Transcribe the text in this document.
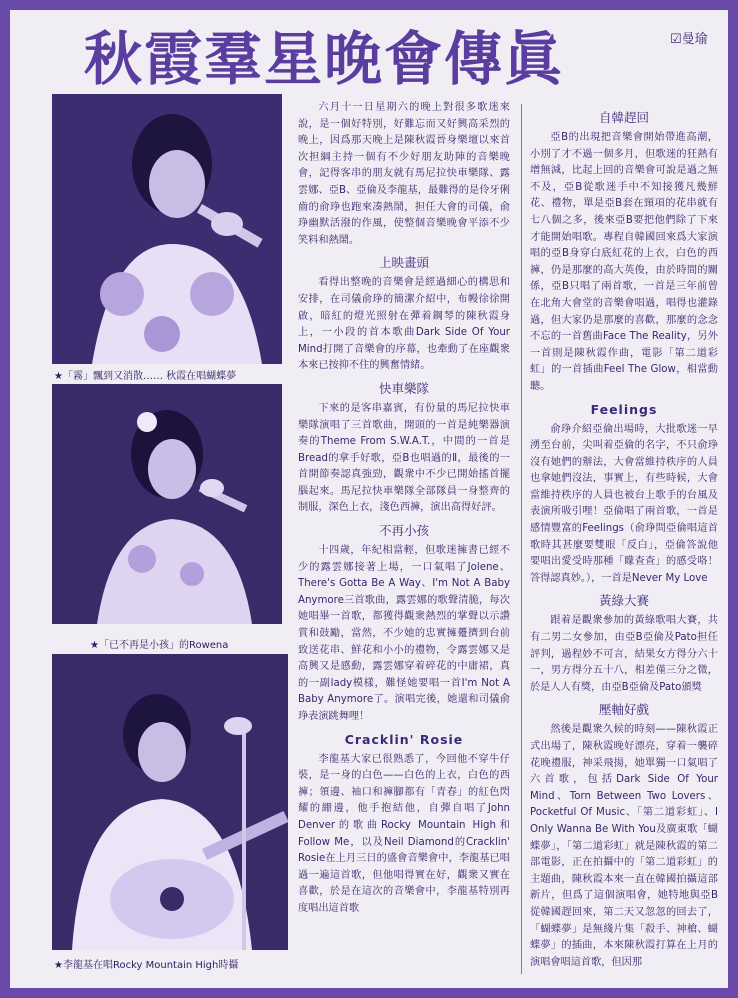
秋霞羣星晚會傳眞	☑曼瑜
★「霧」飄到又消散…… 秋霞在唱蝴蝶夢
★「已不再是小孩」的Rowena
★李龍基在唱Rocky Mountain High時攝

六月十一日星期六的晚上對很多歌迷來說，是一個好特別，好難忘而又好興高采烈的晚上，因爲那天晚上是陳秋霞晉身樂壇以來首次担綱主持一個有不少好朋友助陣的音樂晚會，記得客串的朋友就有馬尼拉快車樂隊、露雲娜、亞B、亞倫及李龍基，最難得的是伶牙俐齒的俞琤也跑來凑熱鬧，担任大會的司儀，俞琤幽默活潑的作風，使整個音樂晚會平添不少笑料和熱鬧。

上映畫頭

看得出整晚的音樂會是經過細心的構思和安排，在司儀俞琤的簡潔介紹中，布幔徐徐開啟，暗紅的燈光照射在彈着鋼琴的陳秋霞身上，一小段的首本歌曲Dark Side Of Your Mind打開了音樂會的序幕，也牽動了在座觀衆本來已按抑不住的興奮情緒。

快車樂隊

下來的是客串嘉賓，有份量的馬尼拉快車樂隊演唱了三首歌曲，開頭的一首是純樂器演奏的Theme From S.W.A.T.，中間的一首是Bread的拿手好歌，亞B也唱過的Ⅱ，最後的一首開節奏認真強勁，觀衆中不少已開始搖首擺腦起來。馬尼拉快車樂隊全部隊員一身整齊的制服，深色上衣，淺色西褲，演出高得好評。

不再小孩

十四歲，年紀相當輕，但歌迷擁書已經不少的露雲娜接著上場，一口氣唱了Jolene、There's Gotta Be A Way、I'm Not A Baby Anymore三首歌曲，露雲娜的歌聲清脆，每次她唱畢一首歌，都獲得觀衆熱烈的掌聲以示讚賞和鼓勵，當然，不少她的忠實擁躉擠到台前致送花串、鮮花和小小的禮物，令露雲娜又是高興又是感動，露雲娜穿着碎花的中庸裙，真的一副lady模樣，難怪她要唱一首I'm Not A Baby Anymore了。演唱完後，她還和司儀俞琤表演跳舞哩！

Cracklin' Rosie

李龍基大家已很熟悉了，今回他不穿牛仔裝，是一身的白色——白色的上衣，白色的西褲；領邊、袖口和褲腳都有「青春」的紅色閃耀的綳邊，他手抱結他，自彈自唱了John Denver的歌曲Rocky Mountain High和Follow Me，以及Neil Diamond的Cracklin' Rosie在上月三日的盛會音樂會中，李龍基已唱過一遍這首歌，但他唱得實在好，觀衆又實在喜歡，於是在這次的音樂會中，李龍基特別再度唱出這首歌

自韓趕回

亞B的出現把音樂會開始帶進高潮，小別了才不過一個多月，但歌迷的狂熱有增無減，比起上回的音樂會可說是過之無不及，亞B從歌迷手中不知接獲凡幾鮮花、禮物，單是亞B套在頸項的花串就有七八個之多，後來亞B要把他們除了下來才能開始唱歌。專程自韓國回來爲大家演唱的亞B身穿白底紅花的上衣，白色的西褲，仍是那麼的高大英俊，由於時間的關係，亞B只唱了兩首歌，一首是三年前曾在北角大會堂的音樂會唱過，唱得也灌錄過，但大家仍是那麼的喜歡，那麼的念念不忘的一首舊曲Face The Reality，另外一首則是陳秋霞作曲，電影「第二道彩虹」的一首插曲Feel The Glow，相當動聽。

Feelings

俞琤介紹亞倫出場時，大批歌迷一早湧至台前，尖叫着亞倫的名字，不只俞琤沒有她們的辦法，大會當維持秩序的人員也拿她們沒法，事實上，有些時候，大會當維持秩序的人員也被台上歌手的台風及表演所吸引哩！亞倫唱了兩首歌，一首是感情豐富的Feelings（俞琤問亞倫唱這首歌時其甚麼要雙眼「反白」，亞倫答說他要唱出愛受時那種「矇查查」的感受咯！答得認真妙。），一首是Never My Love

黃綠大賽

跟着是觀衆參加的黃綠歌唱大賽，共有二男二女參加，由亞B亞倫及Pato担任評判，過程妙不可言，結果女方得分六十一，男方得分五十八，相差僅三分之微，於是人人有獎，由亞B亞倫及Pato頒獎

壓軸好戲

然後是觀衆久候的時刻——陳秋霞正式出場了，陳秋霞晚好漂亮，穿着一襲碎花晚禮服，神采飛揚，她單獨一口氣唱了六首歌，包括Dark Side Of Your Mind、Torn Between Two Lovers、Pocketful Of Music、「第二道彩虹」、I Only Wanna Be With You及廣東歌「蝴蝶夢」，「第二道彩虹」就是陳秋霞的第二部電影，正在拍攝中的「第二道彩虹」的主題曲，陳秋霞本來一直在韓國拍攝這部新片，但爲了這個演唱會，她特地與亞B從韓國趕回來，第二天又忽忽的回去了，「蝴蝶夢」是無綫片集「殺手、神槍、蝴蝶夢」的插曲，本來陳秋霞打算在上月的演唱會唱這首歌，但因那
